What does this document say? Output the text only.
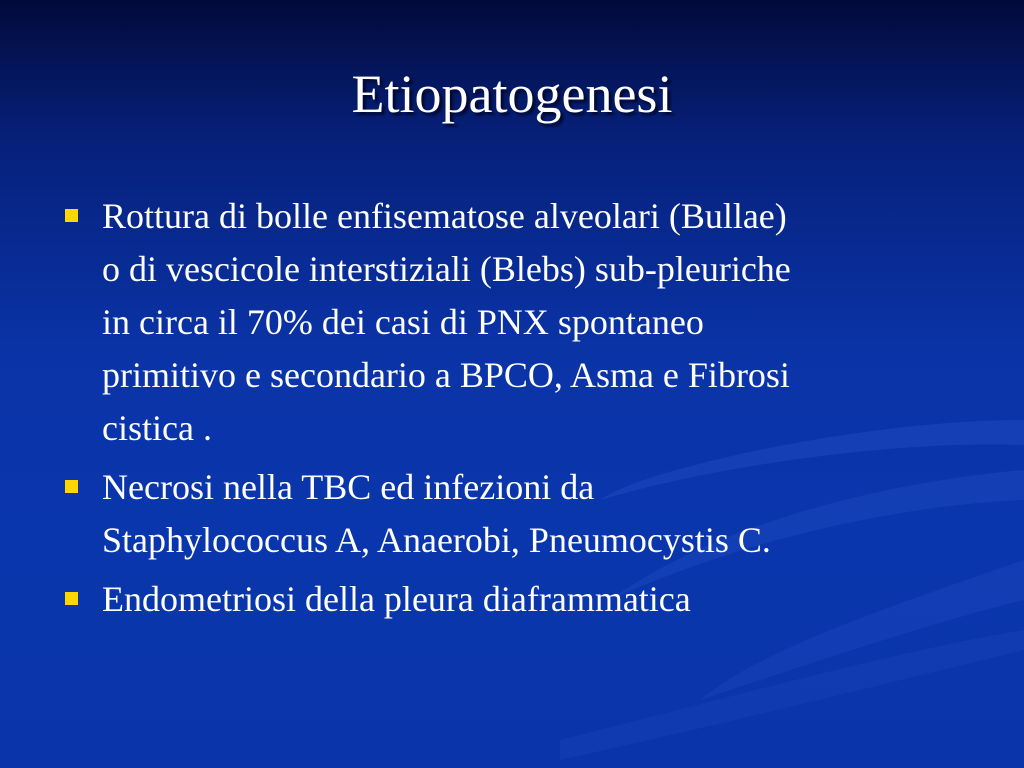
Etiopatogenesi
Rottura di bolle enfisematose alveolari (Bullae)
o di vescicole interstiziali (Blebs) sub-pleuriche
in circa il 70% dei casi di PNX spontaneo
primitivo e secondario a BPCO, Asma e Fibrosi
cistica .
Necrosi nella TBC ed infezioni da
Staphylococcus A, Anaerobi, Pneumocystis C.
Endometriosi della pleura diaframmatica
